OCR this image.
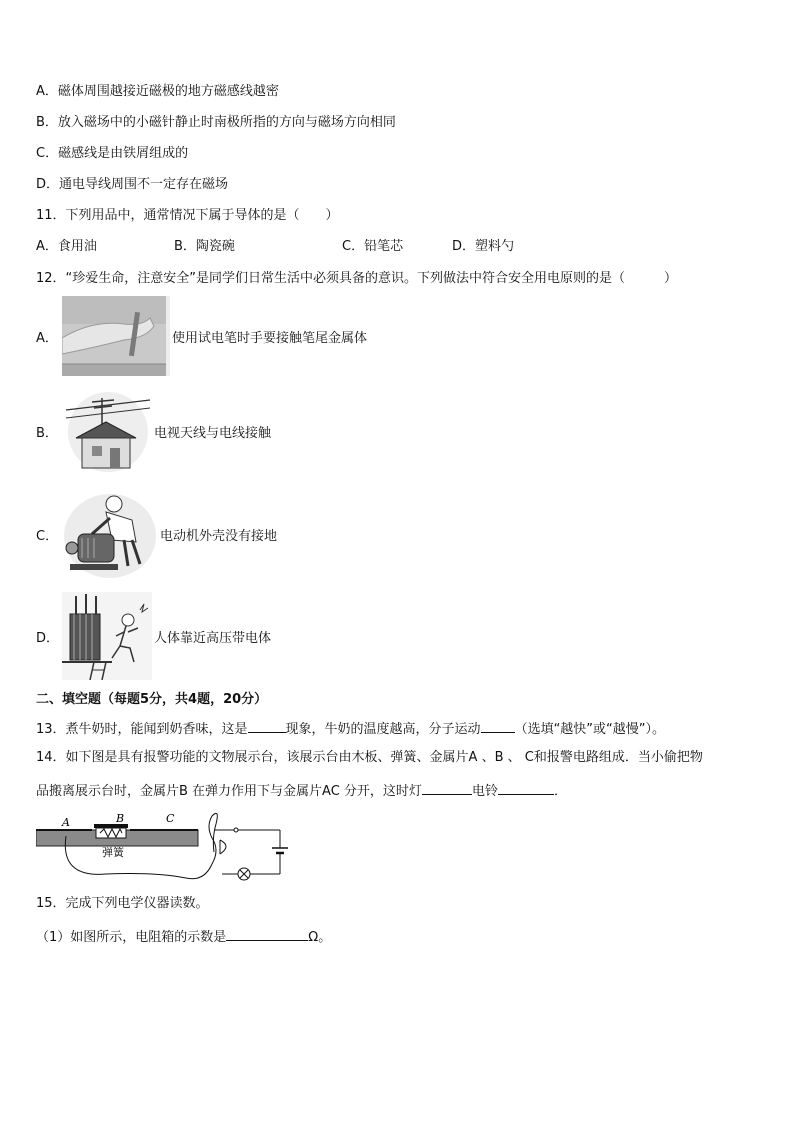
A．磁体周围越接近磁极的地方磁感线越密
B．放入磁场中的小磁针静止时南极所指的方向与磁场方向相同
C．磁感线是由铁屑组成的
D．通电导线周围不一定存在磁场
11．下列用品中，通常情况下属于导体的是（　　）
A．食用油	B．陶瓷碗	C．铅笔芯	D．塑料勺
12．“珍爱生命，注意安全”是同学们日常生活中必须具备的意识。下列做法中符合安全用电原则的是（　　　）
A．	使用试电笔时手要接触笔尾金属体
B．	电视天线与电线接触
C．	电动机外壳没有接地
D．	人体靠近高压带电体
二、填空题（每题5分，共4题，20分）
13．煮牛奶时，能闻到奶香味，这是	现象，牛奶的温度越高，分子运动	（选填“越快”或“越慢”）。
14．如下图是具有报警功能的文物展示台，该展示台由木板、弹簧、金属片A 、B 、 C和报警电路组成．当小偷把物
品搬离展示台时，金属片B 在弹力作用下与金属片AC 分开，这时灯	电铃	．
A	B	C
弹簧
15．完成下列电学仪器读数。
（1）如图所示，电阻箱的示数是	Ω。
